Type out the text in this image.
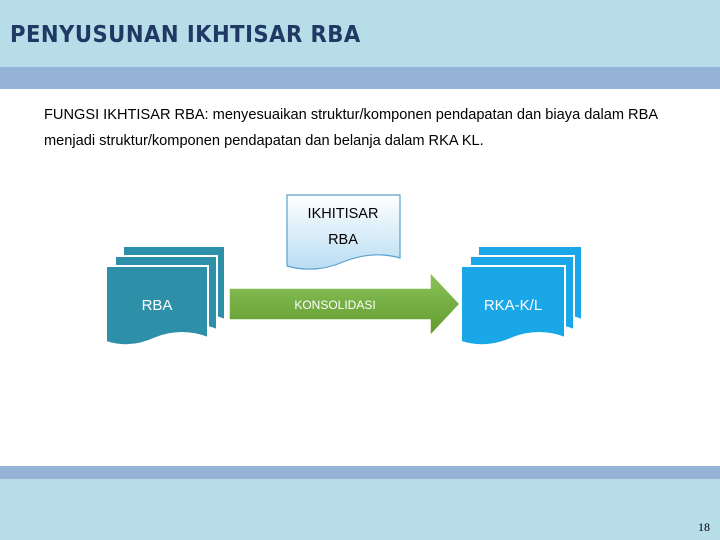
PENYUSUNAN IKHTISAR RBA

FUNGSI IKHTISAR RBA: menyesuaikan struktur/komponen pendapatan dan biaya dalam RBA menjadi struktur/komponen pendapatan dan belanja dalam RKA KL.

RBA
IKHITISAR
RBA
KONSOLIDASI	RKA-K/L
18
